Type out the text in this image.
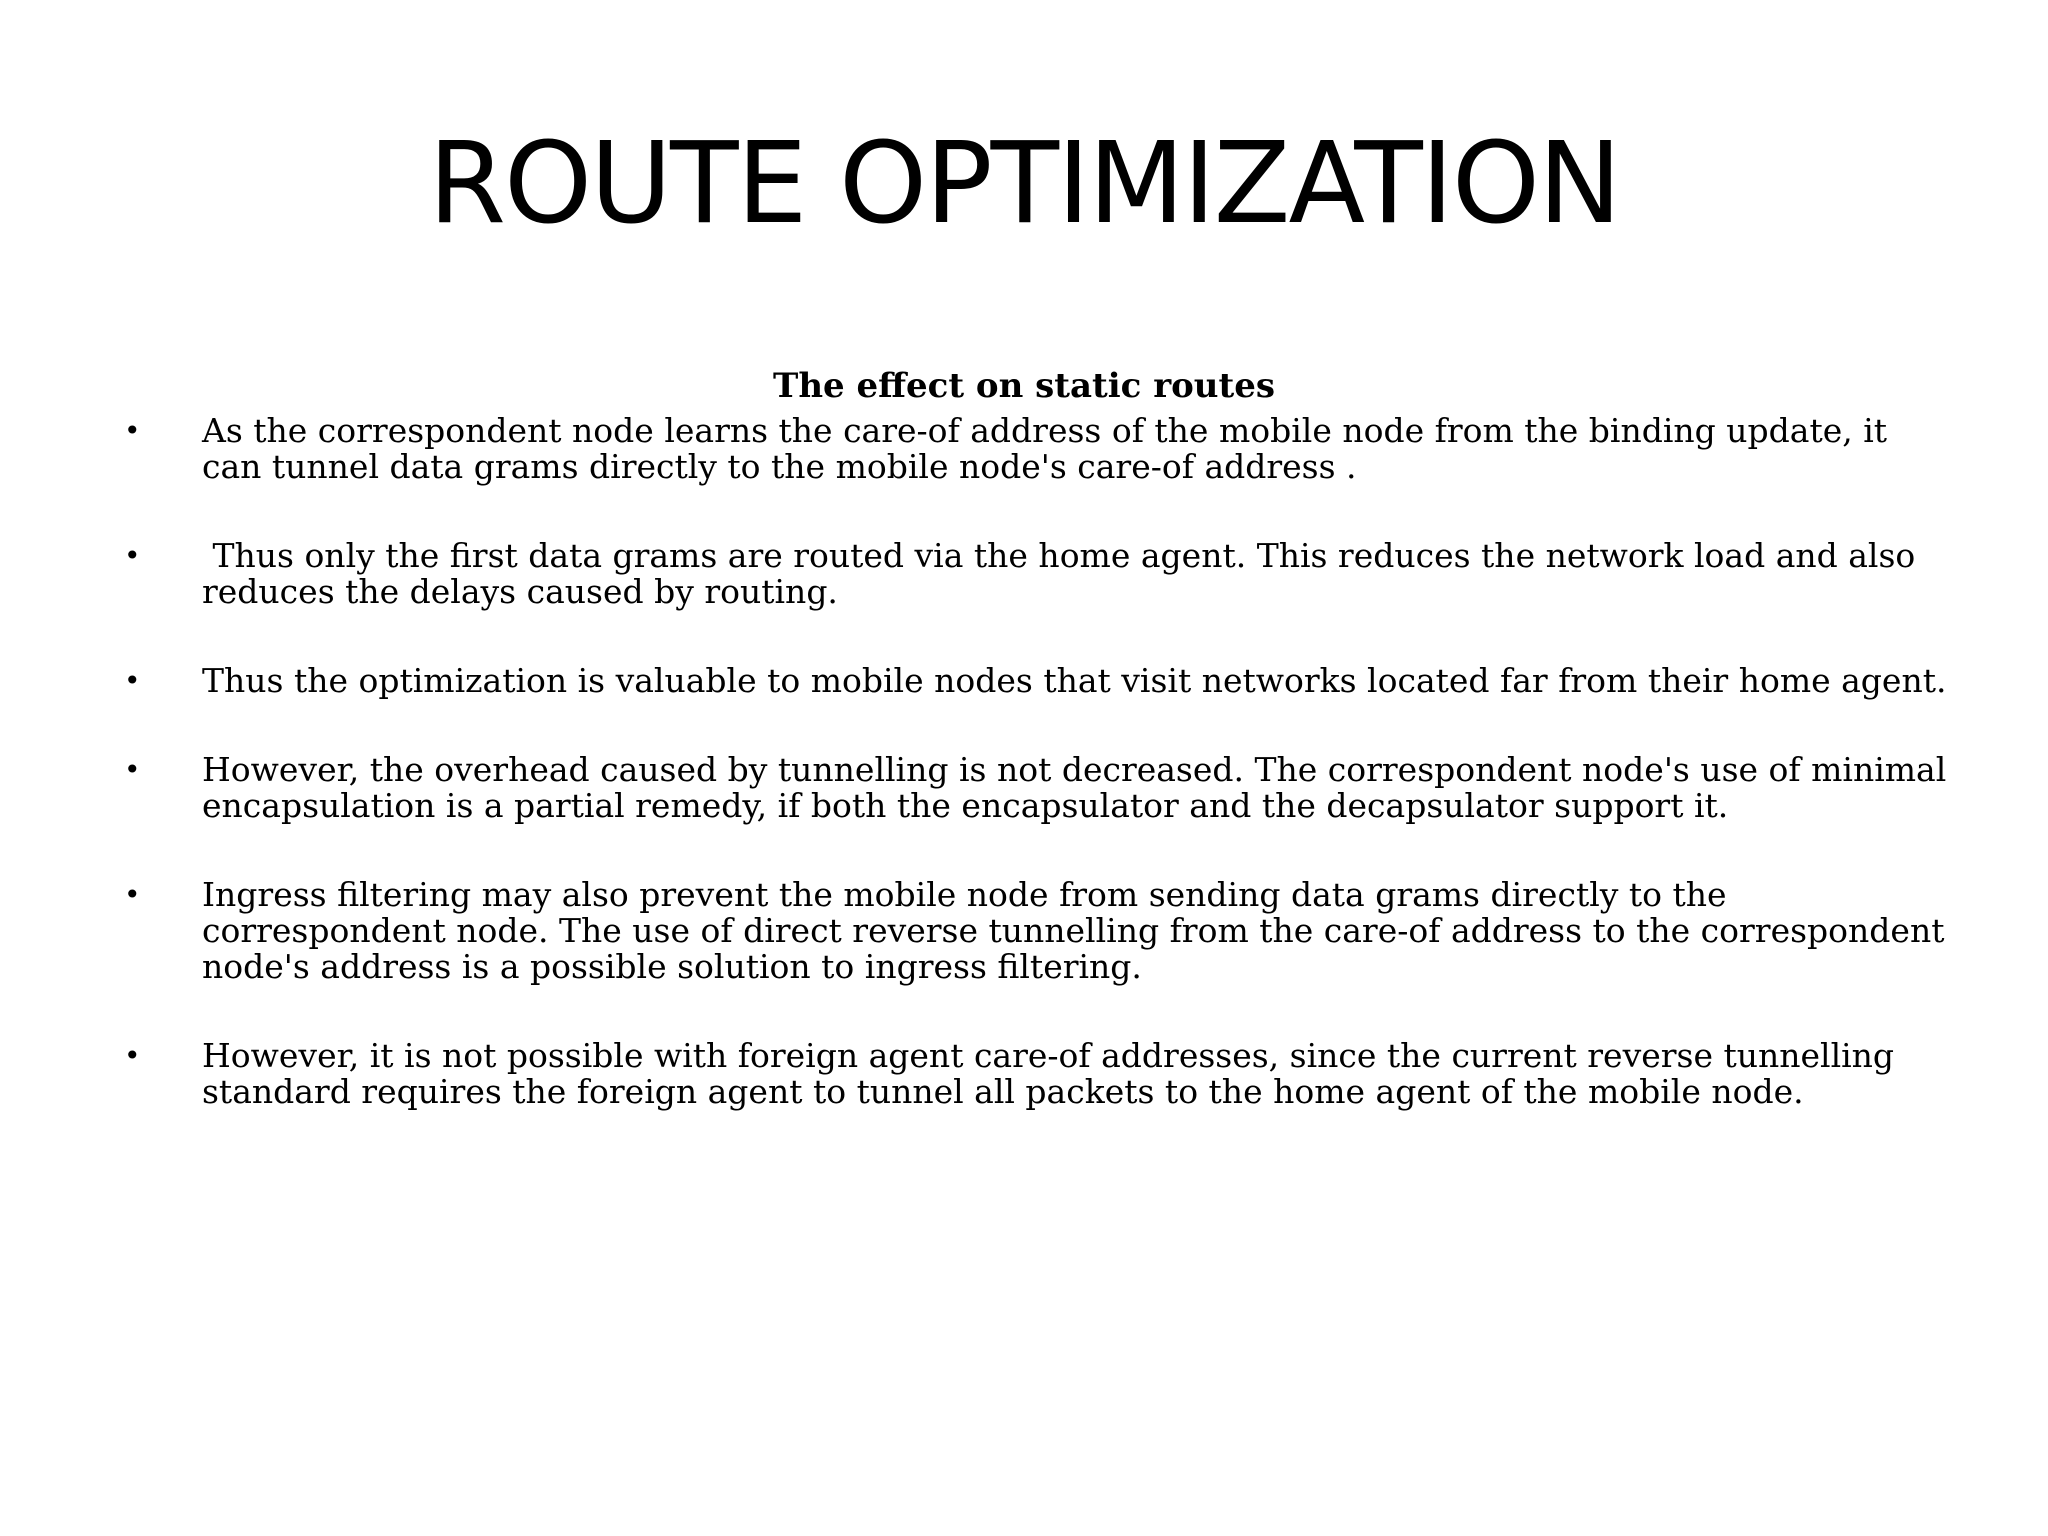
ROUTE OPTIMIZATION
The effect on static routes
• As the correspondent node learns the care-of address of the mobile node from the binding update, it can tunnel data grams directly to the mobile node's care-of address .
• Thus only the first data grams are routed via the home agent. This reduces the network load and also reduces the delays caused by routing.
• Thus the optimization is valuable to mobile nodes that visit networks located far from their home agent.
• However, the overhead caused by tunnelling is not decreased. The correspondent node's use of minimal encapsulation is a partial remedy, if both the encapsulator and the decapsulator support it.
• Ingress filtering may also prevent the mobile node from sending data grams directly to the correspondent node. The use of direct reverse tunnelling from the care-of address to the correspondent node's address is a possible solution to ingress filtering.
• However, it is not possible with foreign agent care-of addresses, since the current reverse tunnelling standard requires the foreign agent to tunnel all packets to the home agent of the mobile node.
